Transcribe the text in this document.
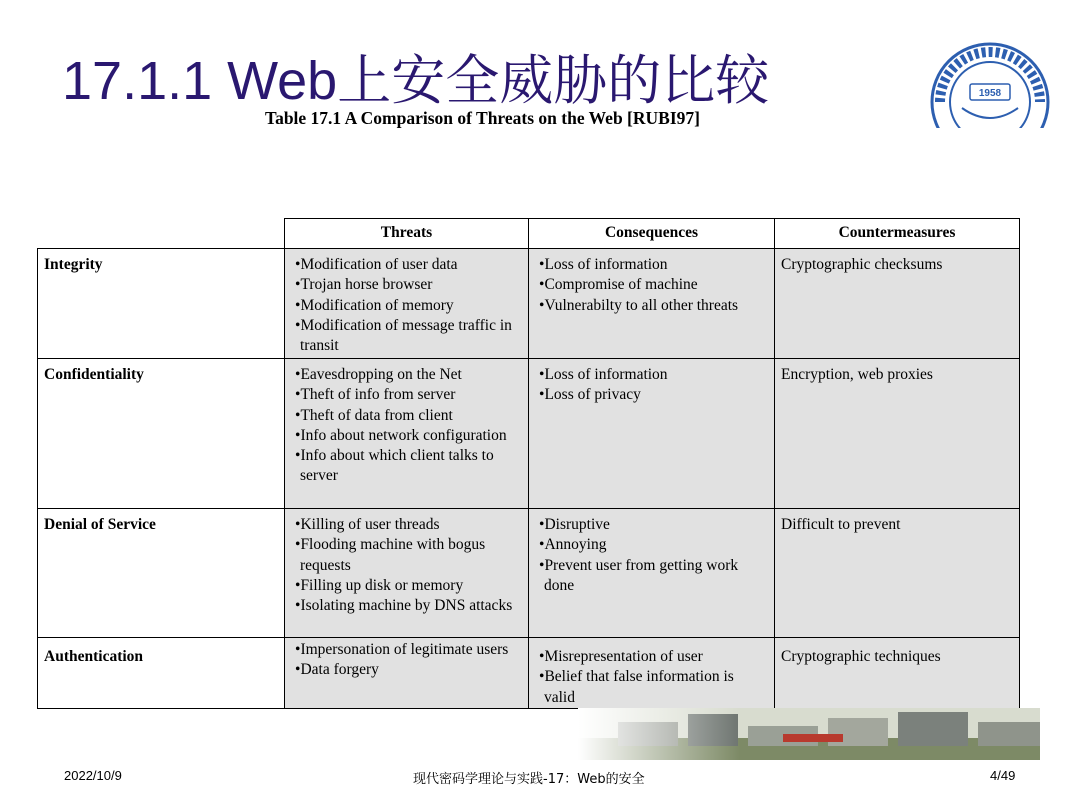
17.1.1 Web上安全威胁的比较
Table 17.1 A Comparison of Threats on the Web [RUBI97]
1958
	Threats	Consequences	Countermeasures
Integrity	• Modification of user data
• Trojan horse browser
• Modification of memory
• Modification of message traffic in transit	• Loss of information
• Compromise of machine
• Vulnerabilty to all other threats	Cryptographic checksums
Confidentiality	• Eavesdropping on the Net
• Theft of info from server
• Theft of data from client
• Info about network configuration
• Info about which client talks to server	• Loss of information
• Loss of privacy	Encryption, web proxies
Denial of Service	• Killing of user threads
• Flooding machine with bogus requests
• Filling up disk or memory
• Isolating machine by DNS attacks	• Disruptive
• Annoying
• Prevent user from getting work done	Difficult to prevent
Authentication	• Impersonation of legitimate users
• Data forgery	• Misrepresentation of user
• Belief that false information is valid	Cryptographic techniques
2022/10/9	现代密码学理论与实践-17：Web的安全	4/49
